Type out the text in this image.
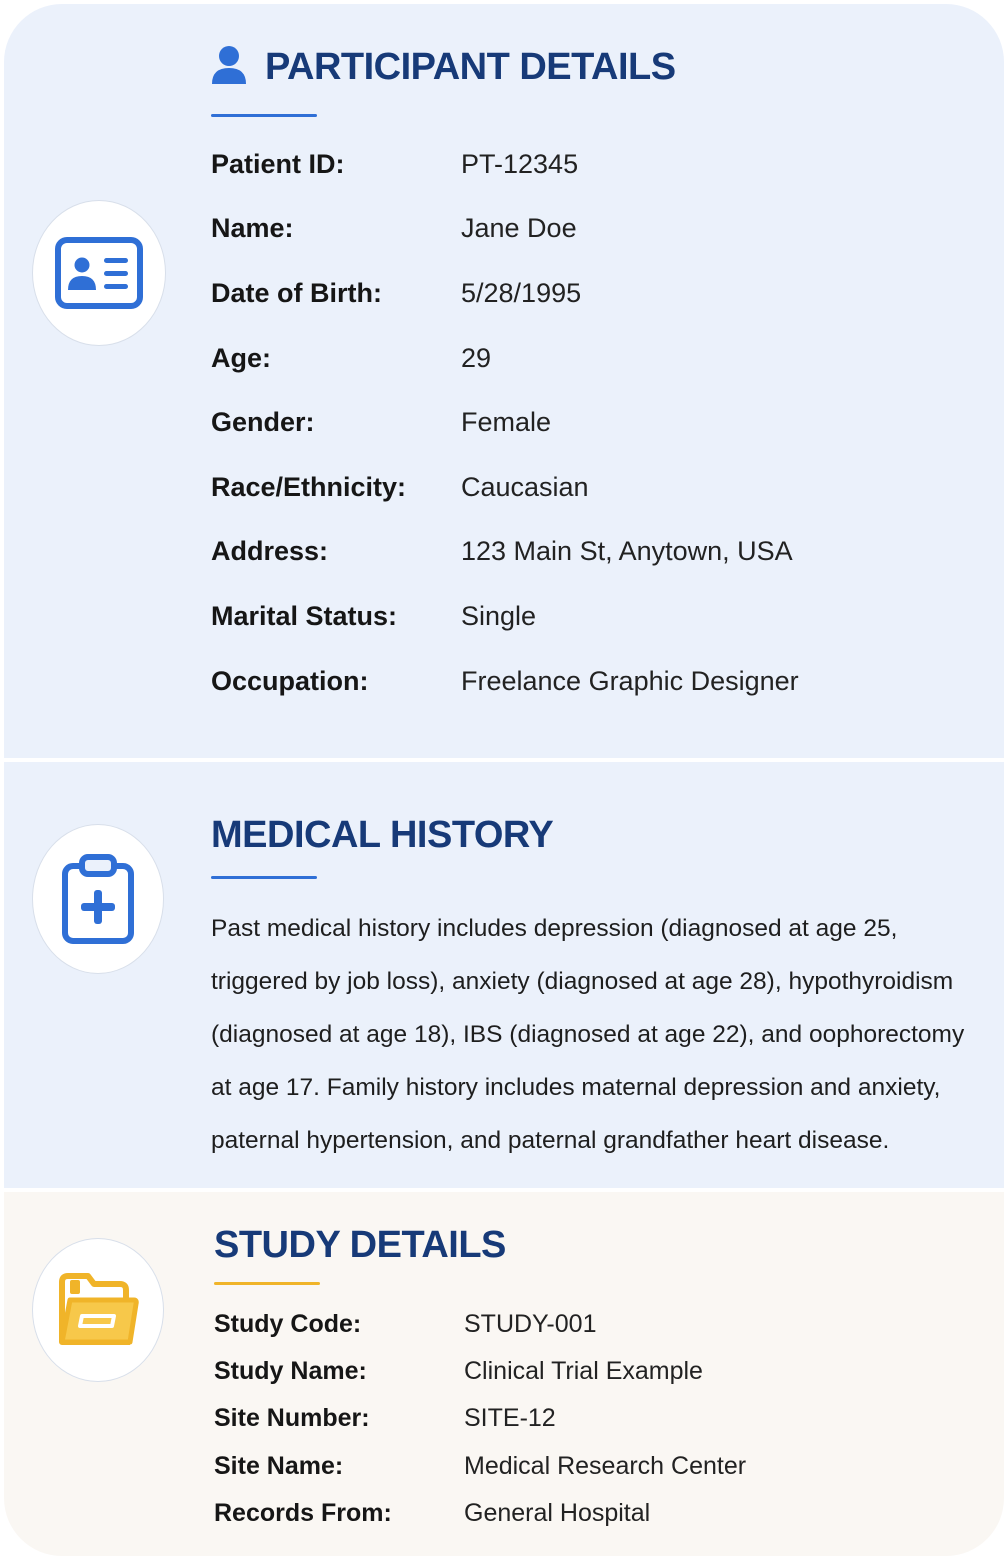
PARTICIPANT DETAILS
Patient ID:	PT-12345
Name:	Jane Doe
Date of Birth:	5/28/1995
Age:	29
Gender:	Female
Race/Ethnicity:	Caucasian
Address:	123 Main St, Anytown, USA
Marital Status:	Single
Occupation:	Freelance Graphic Designer
MEDICAL HISTORY

Past medical history includes depression (diagnosed at age 25, triggered by job loss), anxiety (diagnosed at age 28), hypothyroidism (diagnosed at age 18), IBS (diagnosed at age 22), and oophorectomy at age 17. Family history includes maternal depression and anxiety, paternal hypertension, and paternal grandfather heart disease.

STUDY DETAILS
Study Code:	STUDY-001
Study Name:	Clinical Trial Example
Site Number:	SITE-12
Site Name:	Medical Research Center
Records From:	General Hospital
